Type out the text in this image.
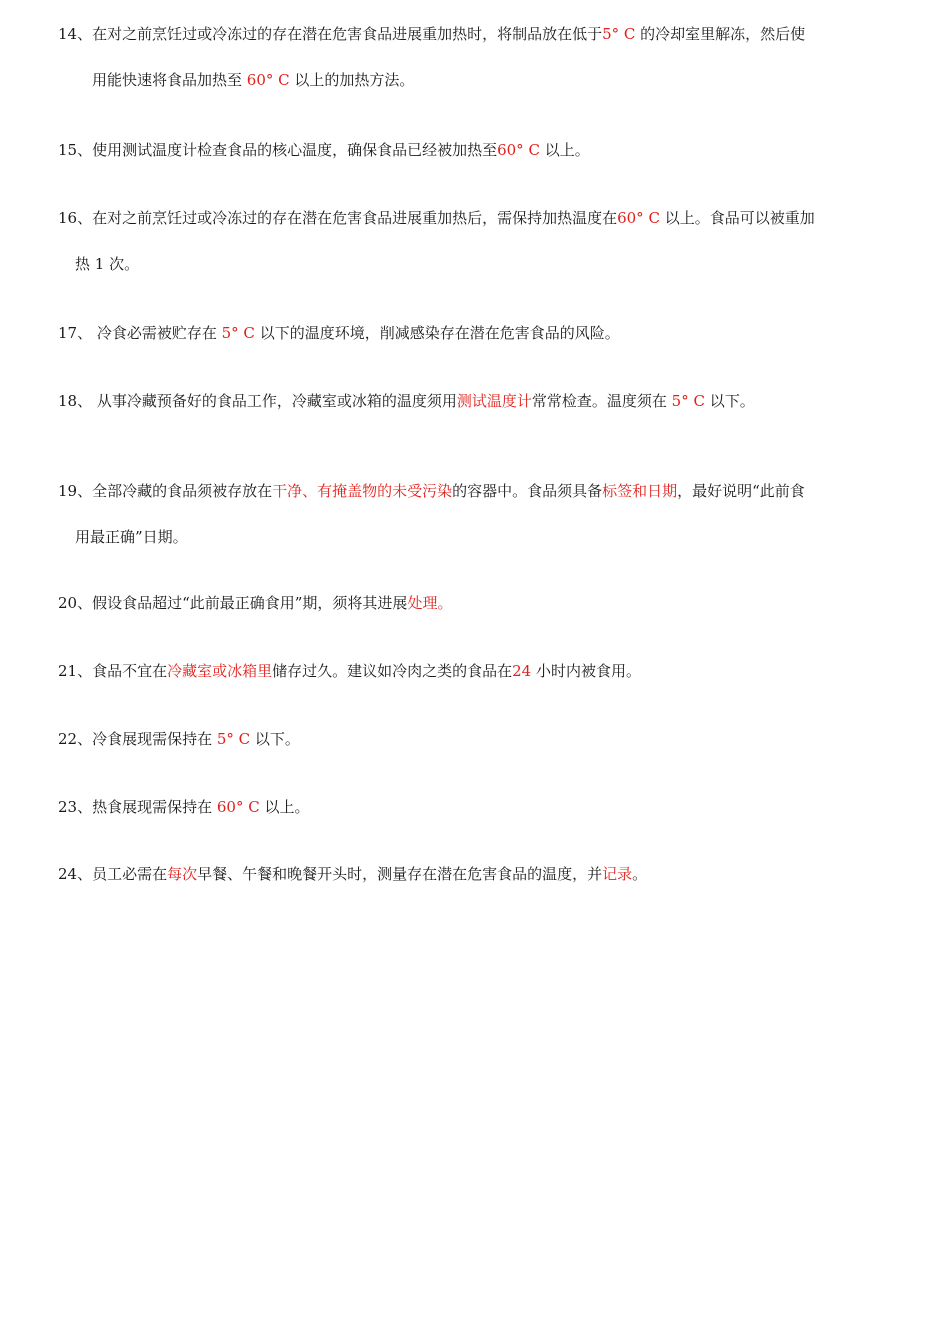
14、在对之前烹饪过或冷冻过的存在潜在危害食品进展重加热时，将制品放在低于5° C 的冷却室里解冻，然后使
用能快速将食品加热至 60° C 以上的加热方法。
15、使用测试温度计检查食品的核心温度，确保食品已经被加热至60° C 以上。
16、在对之前烹饪过或冷冻过的存在潜在危害食品进展重加热后，需保持加热温度在60° C 以上。食品可以被重加
热 1 次。
17、 冷食必需被贮存在 5° C 以下的温度环境，削减感染存在潜在危害食品的风险。
18、 从事冷藏预备好的食品工作，冷藏室或冰箱的温度须用测试温度计常常检查。温度须在 5° C 以下。
19、全部冷藏的食品须被存放在干净、有掩盖物的未受污染的容器中。食品须具备标签和日期，最好说明“此前食
用最正确”日期。
20、假设食品超过“此前最正确食用”期，须将其进展处理。
21、食品不宜在冷藏室或冰箱里储存过久。建议如冷肉之类的食品在24 小时内被食用。
22、冷食展现需保持在 5° C 以下。
23、热食展现需保持在 60° C 以上。
24、员工必需在每次早餐、午餐和晚餐开头时，测量存在潜在危害食品的温度，并记录。
